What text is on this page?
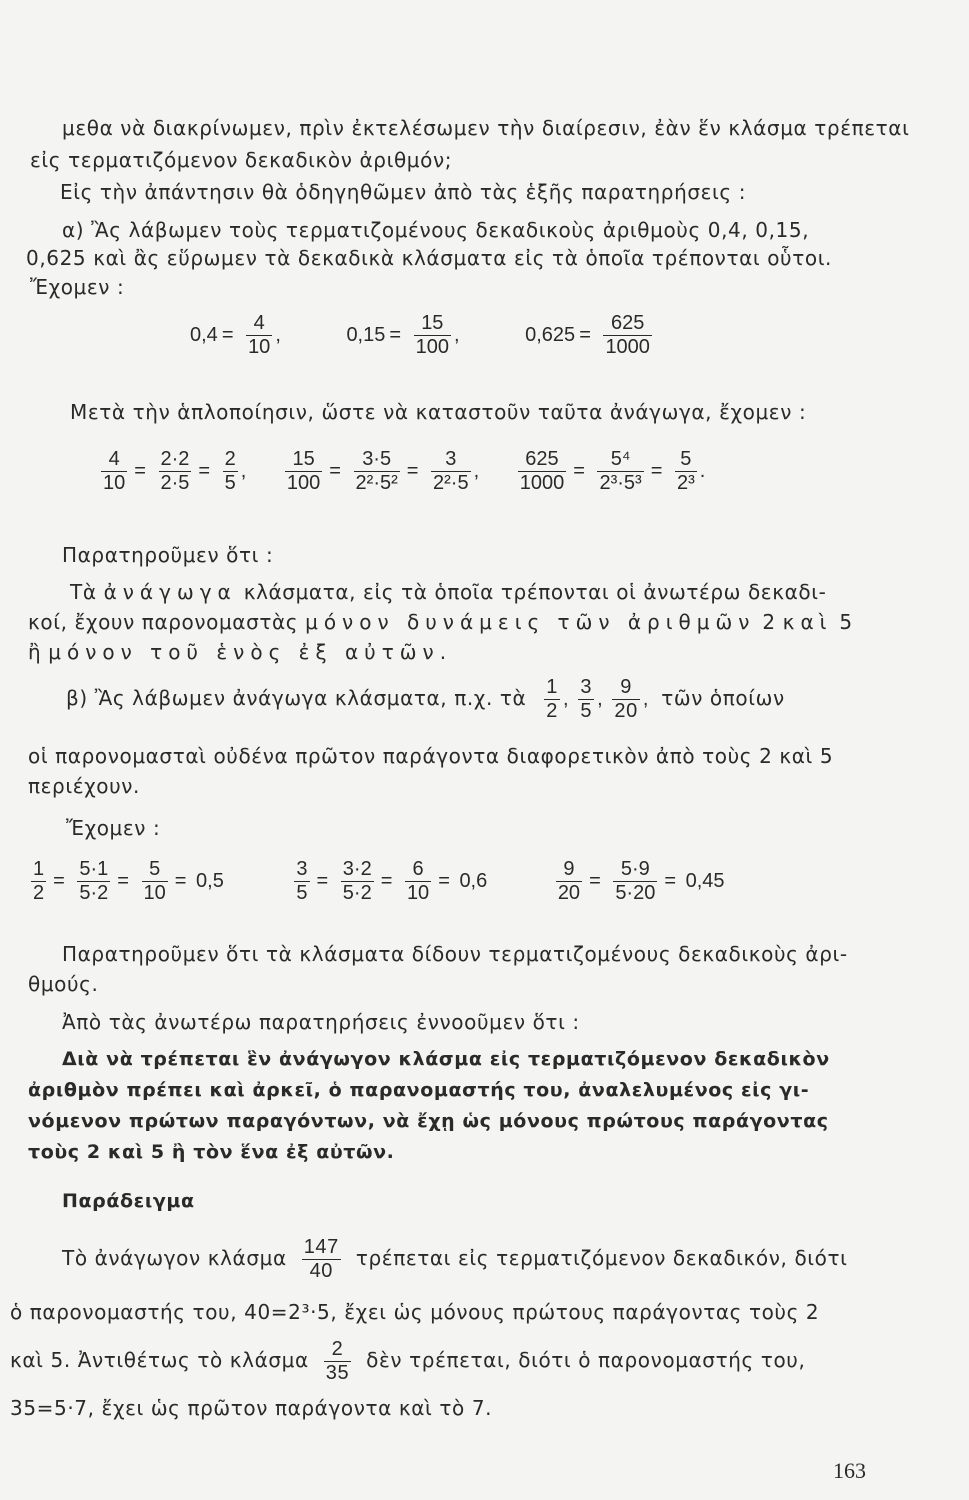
μεθα νὰ διακρίνωμεν, πρὶν ἐκτελέσωμεν τὴν διαίρεσιν, ἐὰν ἕν κλάσμα τρέπεται
εἰς τερματιζόμενον δεκαδικὸν ἀριθμόν;
Εἰς τὴν ἀπάντησιν θὰ ὁδηγηθῶμεν ἀπὸ τὰς ἑξῆς παρατηρήσεις :
α) Ἂς λάβωμεν τοὺς τερματιζομένους δεκαδικοὺς ἀριθμοὺς 0,4, 0,15,
0,625 καὶ ἂς εὕρωμεν τὰ δεκαδικὰ κλάσματα εἰς τὰ ὁποῖα τρέπονται οὗτοι.
Ἔχομεν :
$0,4 = \frac{4}{10}$ ,	$0,15 = \frac{15}{100}$ ,	$0,625 = \frac{625}{1000}$
Μετὰ τὴν ἁπλοποίησιν, ὥστε νὰ καταστοῦν ταῦτα ἀνάγωγα, ἔχομεν :
$\frac{4}{10} = \frac{2\cdot 2}{2\cdot 5} = \frac{2}{5}$ , $\frac{15}{100} = \frac{3\cdot 5}{\text{2²·5²}} = \frac{3}{\text{2²·5}}$ , $\frac{625}{1000} = \frac{\text{5⁴}}{\text{2³·5³}} = \frac{5}{\text{2³}}$ .
Παρατηροῦμεν ὅτι :
Τὰ ἀνάγωγα κλάσματα, εἰς τὰ ὁποῖα τρέπονται οἱ ἀνωτέρω δεκαδι-
κοί, ἔχουν παρονομαστὰς μόνον δυνάμεις τῶν ἀριθμῶν 2 καὶ 5
ἢ μόνον τοῦ ἑνὸς ἐξ αὐτῶν.
β) Ἂς λάβωμεν ἀνάγωγα κλάσματα, π.χ. τὰ $\frac{1}{2}$ , $\frac{3}{5}$ , $\frac{9}{20}$ , τῶν ὁποίων
οἱ παρονομασταὶ οὐδένα πρῶτον παράγοντα διαφορετικὸν ἀπὸ τοὺς 2 καὶ 5
περιέχουν.
Ἔχομεν :
$\frac{1}{2} = \frac{5\cdot 1}{5\cdot 2} = \frac{5}{10} = 0,5$	$\frac{3}{5} = \frac{3\cdot 2}{5\cdot 2} = \frac{6}{10} = 0,6$	$\frac{9}{20} = \frac{5\cdot 9}{5\cdot 20} = 0,45$
Παρατηροῦμεν ὅτι τὰ κλάσματα δίδουν τερματιζομένους δεκαδικοὺς ἀρι-
θμούς.
Ἀπὸ τὰς ἀνωτέρω παρατηρήσεις ἐννοοῦμεν ὅτι :
Διὰ νὰ τρέπεται ἓν ἀνάγωγον κλάσμα εἰς τερματιζόμενον δεκαδικὸν
ἀριθμὸν πρέπει καὶ ἀρκεῖ, ὁ παρανομαστής του, ἀναλελυμένος εἰς γι-
νόμενον πρώτων παραγόντων, νὰ ἔχῃ ὡς μόνους πρώτους παράγοντας
τοὺς 2 καὶ 5 ἢ τὸν ἕνα ἐξ αὐτῶν.
Παράδειγμα
Τὸ ἀνάγωγον κλάσμα $\frac{147}{40}$ τρέπεται εἰς τερματιζόμενον δεκαδικόν, διότι
ὁ παρονομαστής του, 40=2³·5, ἔχει ὡς μόνους πρώτους παράγοντας τοὺς 2
καὶ 5. Ἀντιθέτως τὸ κλάσμα $\frac{2}{35}$ δὲν τρέπεται, διότι ὁ παρονομαστής του,
35=5·7, ἔχει ὡς πρῶτον παράγοντα καὶ τὸ 7.
163
